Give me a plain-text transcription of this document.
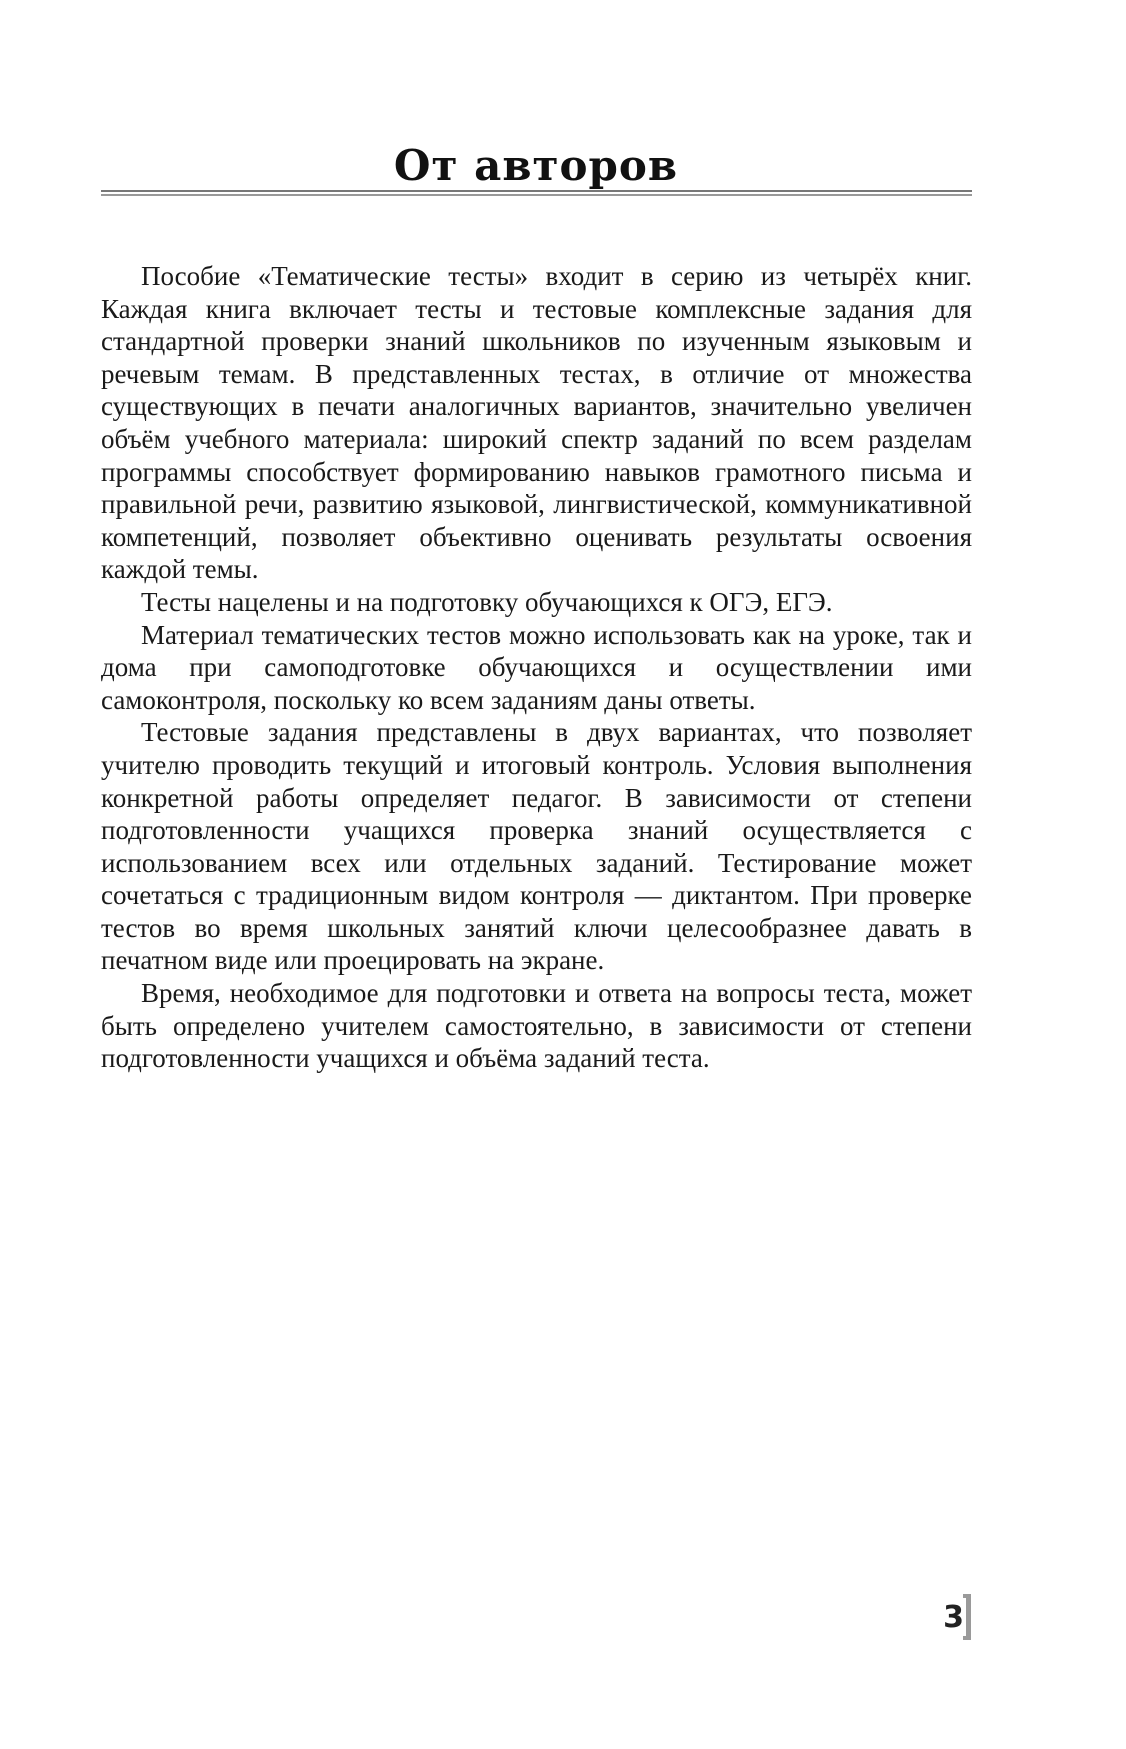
От авторов

Пособие «Тематические тесты» входит в серию из четырёх книг. Каждая книга включает тесты и тестовые комплексные задания для стандартной проверки знаний школьников по изученным языковым и речевым темам. В представленных тестах, в отличие от множества существующих в печати аналогичных вариантов, значительно увеличен объём учебного материала: широкий спектр заданий по всем разделам программы способствует формированию навыков грамотного письма и правильной речи, развитию языковой, лингвистической, коммуникативной компетенций, позволяет объективно оценивать результаты освоения каждой темы.

Тесты нацелены и на подготовку обучающихся к ОГЭ, ЕГЭ.

Материал тематических тестов можно использовать как на уроке, так и дома при самоподготовке обучающихся и осуществлении ими самоконтроля, поскольку ко всем заданиям даны ответы.

Тестовые задания представлены в двух вариантах, что позволяет учителю проводить текущий и итоговый контроль. Условия выполнения конкретной работы определяет педагог. В зависимости от степени подготовленности учащихся проверка знаний осуществляется с использованием всех или отдельных заданий. Тестирование может сочетаться с традиционным видом контроля — диктантом. При проверке тестов во время школьных занятий ключи целесообразнее давать в печатном виде или проецировать на экране.

Время, необходимое для подготовки и ответа на вопросы теста, может быть определено учителем самостоятельно, в зависимости от степени подготовленности учащихся и объёма заданий теста.

3
